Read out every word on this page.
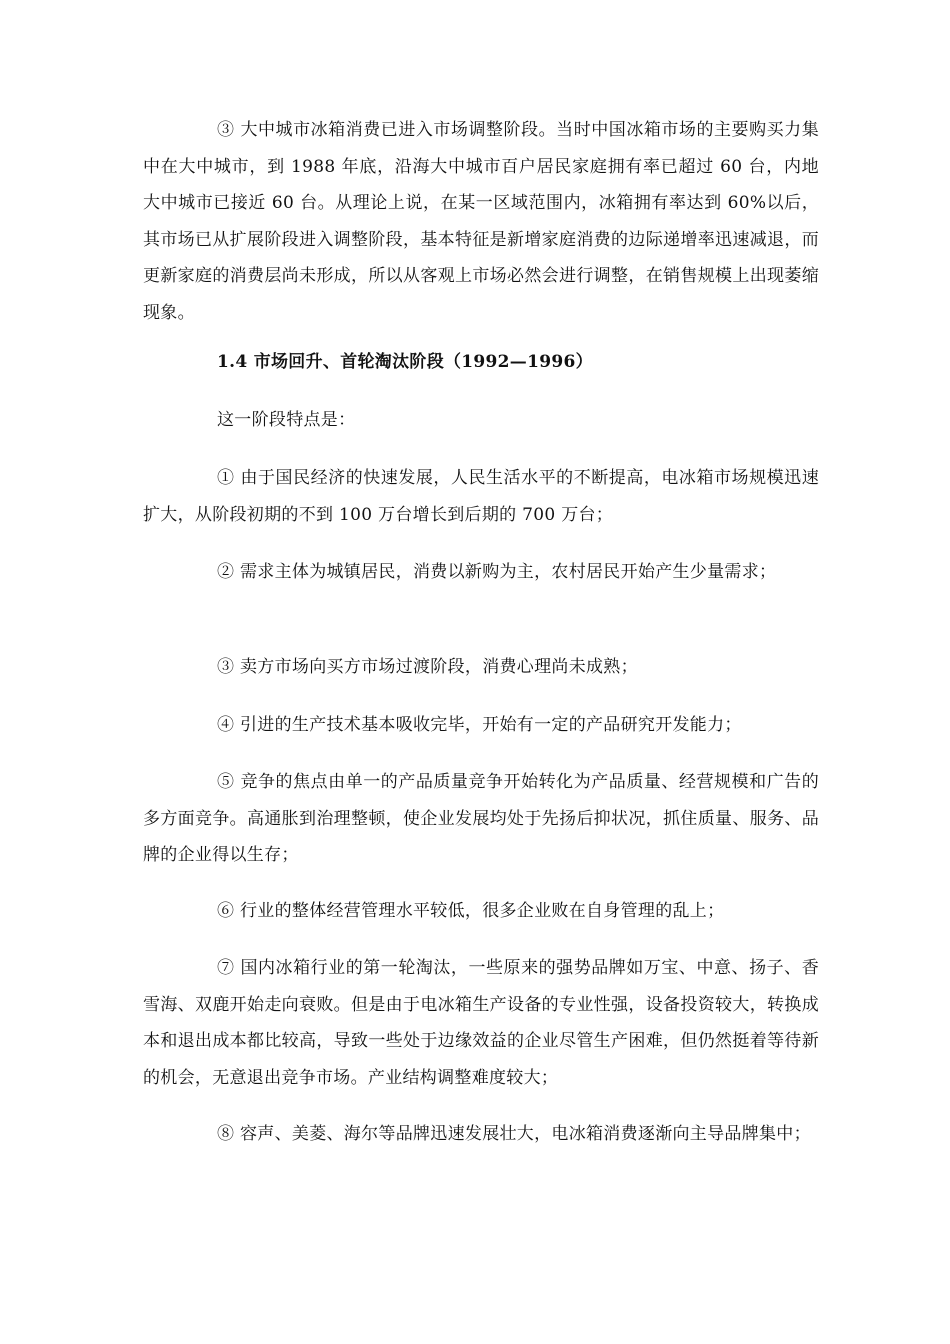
③ 大中城市冰箱消费已进入市场调整阶段。当时中国冰箱市场的主要购买力集中在大中城市，到 1988 年底，沿海大中城市百户居民家庭拥有率已超过 60 台，内地大中城市已接近 60 台。从理论上说，在某一区域范围内，冰箱拥有率达到 60%以后，其市场已从扩展阶段进入调整阶段，基本特征是新增家庭消费的边际递增率迅速减退，而更新家庭的消费层尚未形成，所以从客观上市场必然会进行调整，在销售规模上出现萎缩现象。

1.4 市场回升、首轮淘汰阶段（1992—1996）

这一阶段特点是：

① 由于国民经济的快速发展，人民生活水平的不断提高，电冰箱市场规模迅速扩大，从阶段初期的不到 100 万台增长到后期的 700 万台；

② 需求主体为城镇居民，消费以新购为主，农村居民开始产生少量需求；

③ 卖方市场向买方市场过渡阶段，消费心理尚未成熟；

④ 引进的生产技术基本吸收完毕，开始有一定的产品研究开发能力；

⑤ 竞争的焦点由单一的产品质量竞争开始转化为产品质量、经营规模和广告的多方面竞争。高通胀到治理整顿，使企业发展均处于先扬后抑状况，抓住质量、服务、品牌的企业得以生存；

⑥ 行业的整体经营管理水平较低，很多企业败在自身管理的乱上；

⑦ 国内冰箱行业的第一轮淘汰，一些原来的强势品牌如万宝、中意、扬子、香雪海、双鹿开始走向衰败。但是由于电冰箱生产设备的专业性强，设备投资较大，转换成本和退出成本都比较高，导致一些处于边缘效益的企业尽管生产困难，但仍然挺着等待新的机会，无意退出竞争市场。产业结构调整难度较大；

⑧ 容声、美菱、海尔等品牌迅速发展壮大，电冰箱消费逐渐向主导品牌集中；
